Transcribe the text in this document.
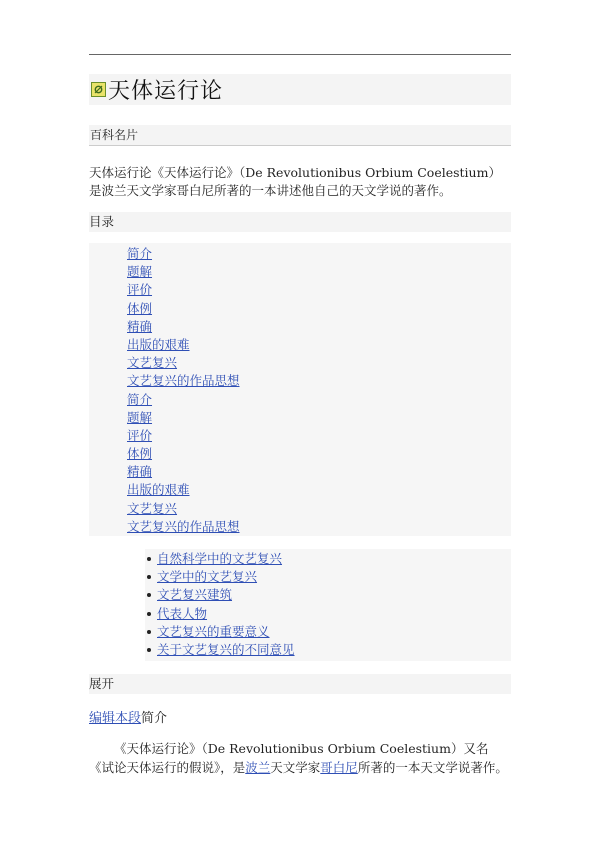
天体运行论
百科名片
天体运行论《天体运行论》（De Revolutionibus Orbium Coelestium）是波兰天文学家哥白尼所著的一本讲述他自己的天文学说的著作。
目录
简介
题解
评价
体例
精确
出版的艰难
文艺复兴
文艺复兴的作品思想
简介
题解
评价
体例
精确
出版的艰难
文艺复兴
文艺复兴的作品思想
自然科学中的文艺复兴
文学中的文艺复兴
文艺复兴建筑
代表人物
文艺复兴的重要意义
关于文艺复兴的不同意见
展开
编辑本段简介
《天体运行论》（De Revolutionibus Orbium Coelestium）又名《试论天体运行的假说》，是波兰天文学家哥白尼所著的一本天文学说著作。
